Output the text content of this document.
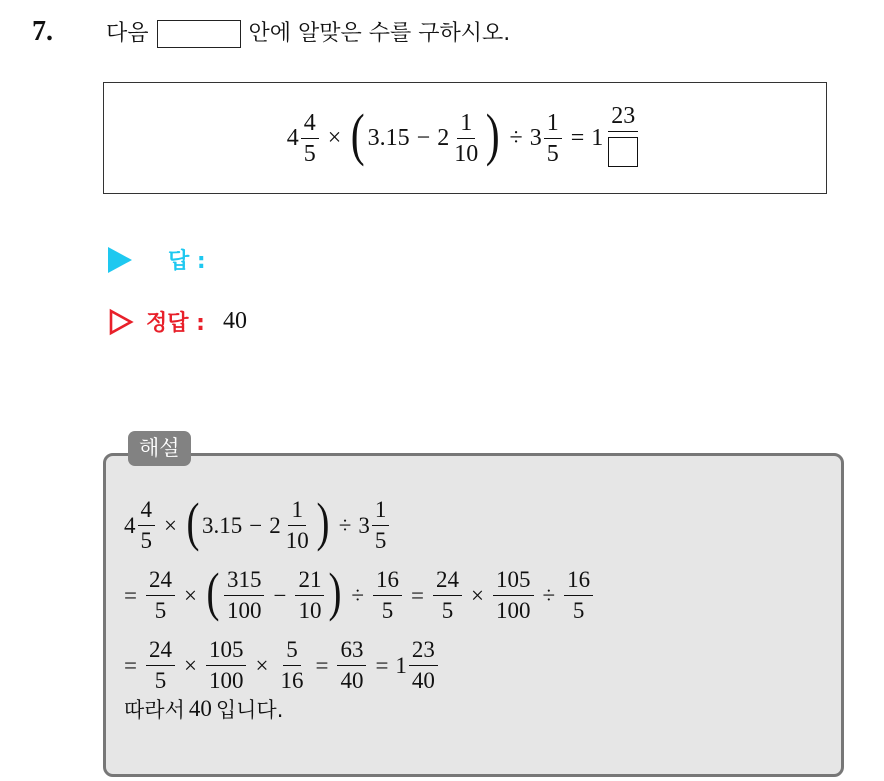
7. 다음	안에 알맞은 수를 구하시오.
$4 \frac{4}{5}$ × ( $3.15 - 2 \frac{1}{10}$ ) ÷ $3 \frac{1}{5} = 1$
23
답 :
정답 : 40
해설
$4 \frac{4}{5}$ × ( $3.15 - 2 \frac{1}{10}$ ) ÷ $3 \frac{1}{5}$
= $\frac{24}{5}$ × ( $\frac{315}{100} - \frac{21}{10}$ ) ÷ $\frac{16}{5} = \frac{24}{5} \times \frac{105}{100} \div \frac{16}{5}$
= $\frac{24}{5} \times \frac{105}{100} \times \frac{5}{16} = \frac{63}{40} = 1 \frac{23}{40}$
따라서 40 입니다.
